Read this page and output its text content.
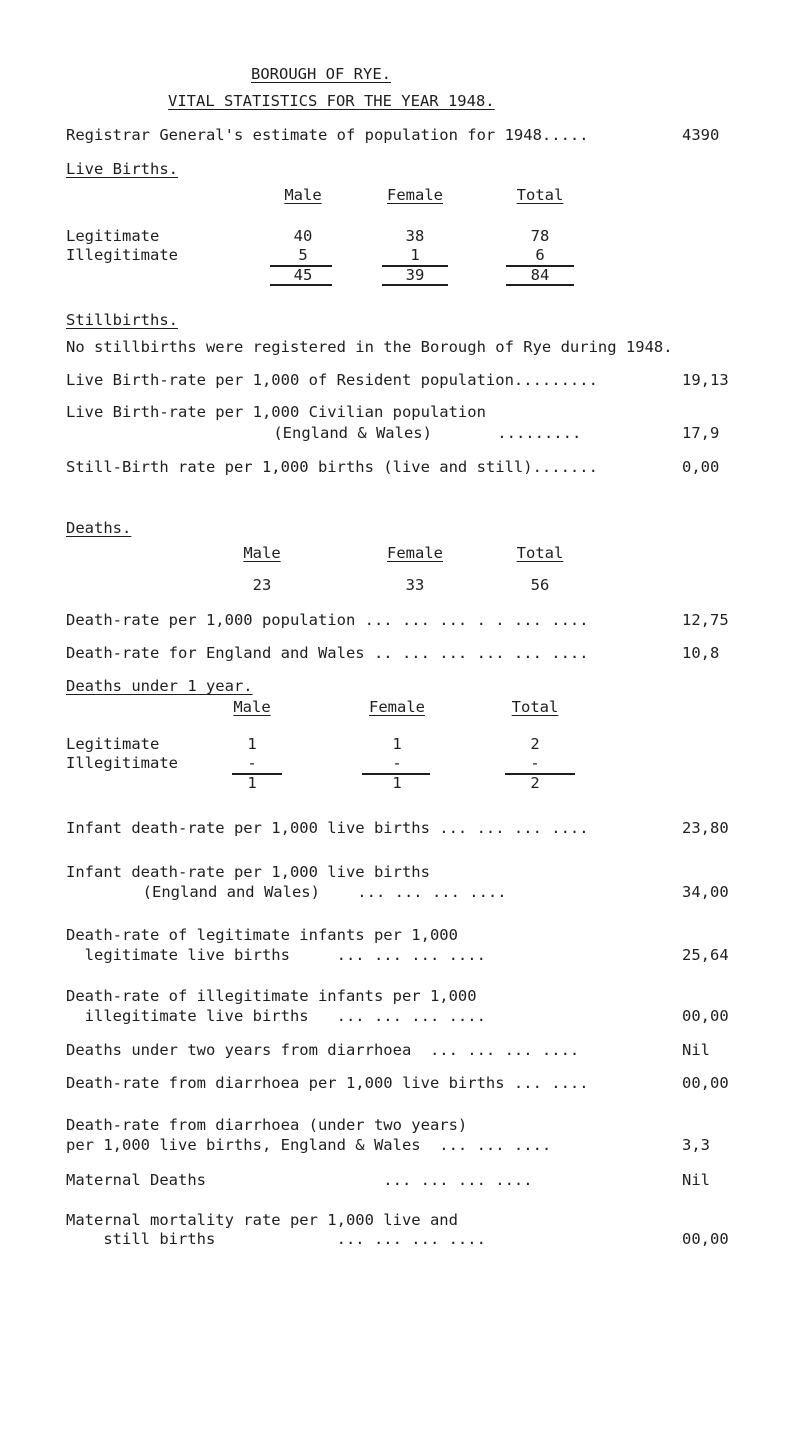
BOROUGH OF RYE.
VITAL STATISTICS FOR THE YEAR 1948.
Registrar General's estimate of population for 1948.....	4390
Live Births.
Male	Female	Total
Legitimate	40	38	78
Illegitimate	5	1	6
45	39	84
Stillbirths.
No stillbirths were registered in the Borough of Rye during 1948.
Live Birth-rate per 1,000 of Resident population.........	19,13
Live Birth-rate per 1,000 Civilian population
(England & Wales)       .........	17,9
Still-Birth rate per 1,000 births (live and still).......	0,00
Deaths.
Male	Female	Total
23	33	56
Death-rate per 1,000 population ... ... ... . . ... ....	12,75
Death-rate for England and Wales .. ... ... ... ... ....	10,8
Deaths under 1 year.
Male	Female	Total
Legitimate	1	1	2
Illegitimate	-	-	-
1	1	2
Infant death-rate per 1,000 live births ... ... ... ....	23,80
Infant death-rate per 1,000 live births
(England and Wales)    ... ... ... ....	34,00
Death-rate of legitimate infants per 1,000
legitimate live births     ... ... ... ....	25,64
Death-rate of illegitimate infants per 1,000
illegitimate live births   ... ... ... ....	00,00
Deaths under two years from diarrhoea  ... ... ... ....	Nil
Death-rate from diarrhoea per 1,000 live births ... ....	00,00
Death-rate from diarrhoea (under two years)
per 1,000 live births, England & Wales  ... ... ....	3,3
Maternal Deaths                   ... ... ... ....	Nil
Maternal mortality rate per 1,000 live and
still births             ... ... ... ....	00,00
